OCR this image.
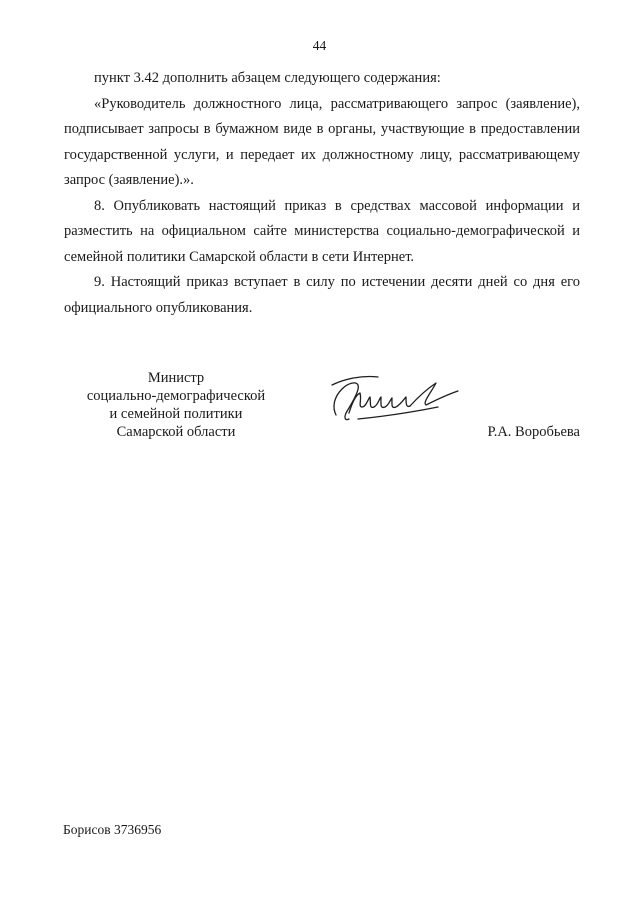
44

пункт 3.42 дополнить абзацем следующего содержания:

«Руководитель должностного лица, рассматривающего запрос (заявление), подписывает запросы в бумажном виде в органы, участвующие в предоставлении государственной услуги, и передает их должностному лицу, рассматривающему запрос (заявление).».

8. Опубликовать настоящий приказ в средствах массовой информации и разместить на официальном сайте министерства социально-демографической и семейной политики Самарской области в сети Интернет.

9. Настоящий приказ вступает в силу по истечении десяти дней со дня его официального опубликования.

Министр
социально-демографической
и семейной политики
Самарской области	Р.А. Воробьева
Борисов 3736956
